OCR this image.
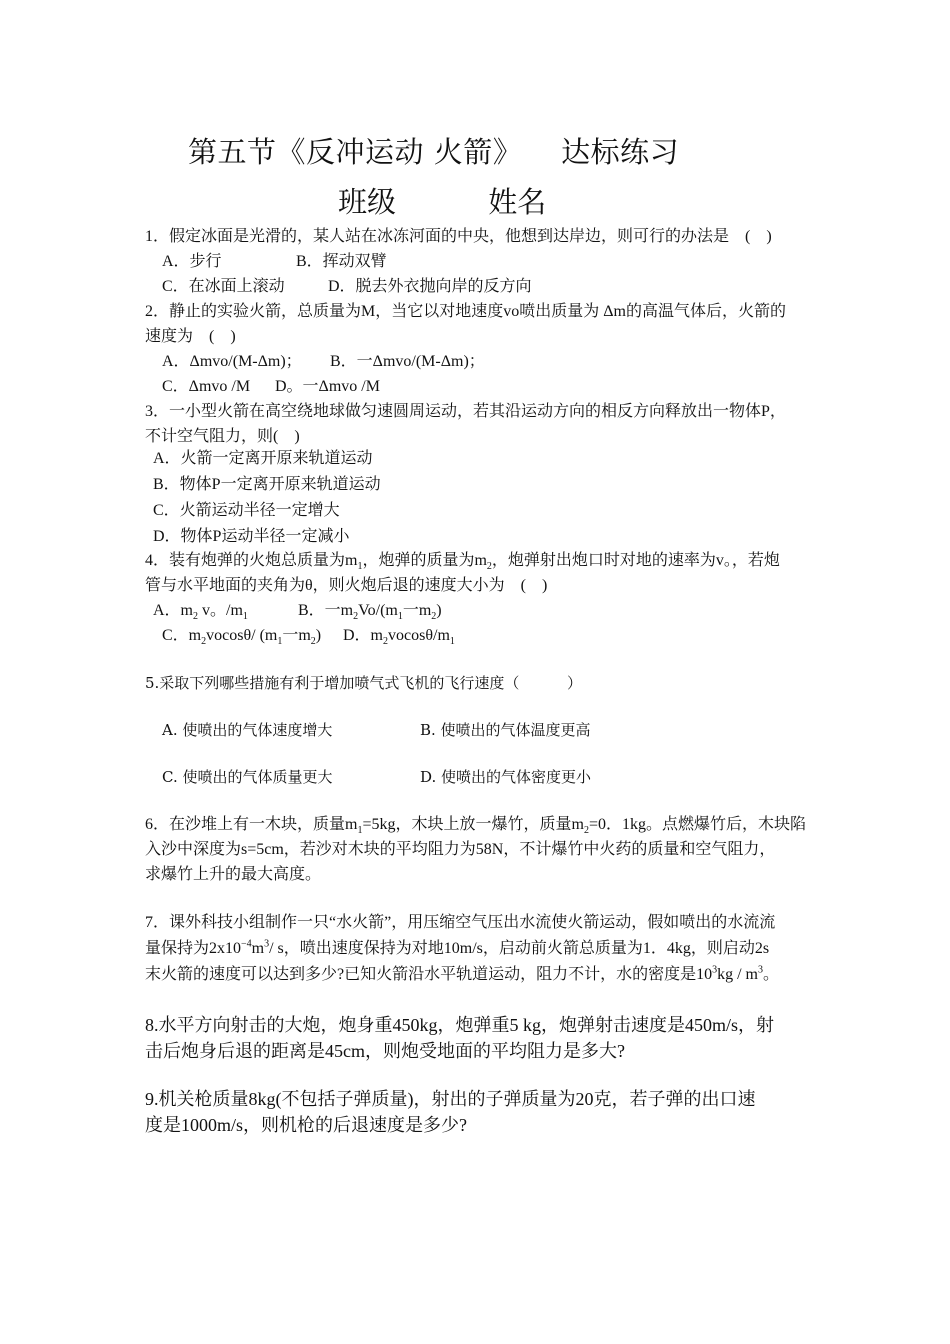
第五节《反冲运动 火箭》    达标练习
班级	姓名
1．假定冰面是光滑的，某人站在冰冻河面的中央，他想到达岸边，则可行的办法是    (    )
A．步行	B．挥动双臂
C．在冰面上滚动	D．脱去外衣抛向岸的反方向
2．静止的实验火箭，总质量为M，当它以对地速度vo喷出质量为 Δm的高温气体后，火箭的
速度为    (    )
A．Δmvo/(M-Δm)； B．一Δmvo/(M-Δm)；
C．Δmvo /M D。一Δmvo /M
3．一小型火箭在高空绕地球做匀速圆周运动，若其沿运动方向的相反方向释放出一物体P，
不计空气阻力，则(    )
A．火箭一定离开原来轨道运动
B．物体P一定离开原来轨道运动
C．火箭运动半径一定增大
D．物体P运动半径一定减小
4．装有炮弹的火炮总质量为$m_1$，炮弹的质量为$m_2$，炮弹射出炮口时对地的速率为v。，若炮
管与水平地面的夹角为θ，则火炮后退的速度大小为    (    )
A．$m_2$ v。$/m_1$	B．一$m_2Vo/(m_1$一$m_2$)
C．$m_2vocos\theta/$ ($m_1$一$m_2$) D．$m_2vocos\theta/m_1$
5.采取下列哪些措施有利于增加喷气式飞机的飞行速度（          ）
A. 使喷出的气体速度增大	B. 使喷出的气体温度更高
C. 使喷出的气体质量更大	D. 使喷出的气体密度更小
6．在沙堆上有一木块，质量$m_1=5kg$，木块上放一爆竹，质量$m_2=0$．1kg。点燃爆竹后，木块陷
入沙中深度为s=5cm，若沙对木块的平均阻力为58N，不计爆竹中火药的质量和空气阻力，
求爆竹上升的最大高度。
7．课外科技小组制作一只“水火箭”，用压缩空气压出水流使火箭运动，假如喷出的水流流
量保持为$2x10^{-4}m^3/$ s，喷出速度保持为对地10m/s，启动前火箭总质量为1．4kg，则启动2s
末火箭的速度可以达到多少?已知火箭沿水平轨道运动，阻力不计，水的密度是$10^3kg / m^3$。
8.水平方向射击的大炮，炮身重450kg，炮弹重5 kg，炮弹射击速度是450m/s，射
击后炮身后退的距离是45cm，则炮受地面的平均阻力是多大?
9.机关枪质量8kg(不包括子弹质量)，射出的子弹质量为20克，若子弹的出口速
度是1000m/s，则机枪的后退速度是多少?
